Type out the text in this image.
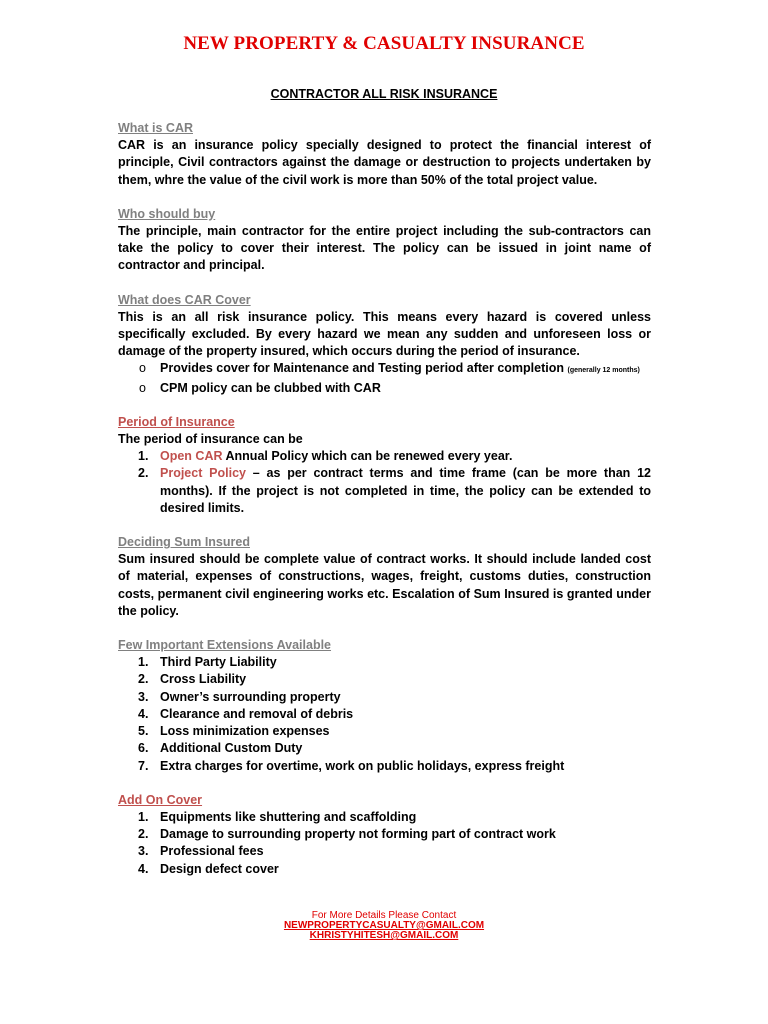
NEW PROPERTY & CASUALTY INSURANCE
CONTRACTOR ALL RISK INSURANCE

What is CAR

CAR is an insurance policy specially designed to protect the financial interest of principle, Civil contractors against the damage or destruction to projects undertaken by them, whre the value of the civil work is more than 50% of the total project value.

Who should buy

The principle, main contractor for the entire project including the sub-contractors can take the policy to cover their interest. The policy can be issued in joint name of contractor and principal.

What does CAR Cover

This is an all risk insurance policy. This means every hazard is covered unless specifically excluded. By every hazard we mean any sudden and unforeseen loss or damage of the property insured, which occurs during the period of insurance.

o Provides cover for Maintenance and Testing period after completion (generally 12 months)
o CPM policy can be clubbed with CAR

Period of Insurance

The period of insurance can be

1. Open CAR Annual Policy which can be renewed every year.
2. Project Policy – as per contract terms and time frame (can be more than 12 months). If the project is not completed in time, the policy can be extended to desired limits.

Deciding Sum Insured

Sum insured should be complete value of contract works. It should include landed cost of material, expenses of constructions, wages, freight, customs duties, construction costs, permanent civil engineering works etc. Escalation of Sum Insured is granted under the policy.

Few Important Extensions Available

1. Third Party Liability
2. Cross Liability
3. Owner’s surrounding property
4. Clearance and removal of debris
5. Loss minimization expenses
6. Additional Custom Duty
7. Extra charges for overtime, work on public holidays, express freight

Add On Cover

1. Equipments like shuttering and scaffolding
2. Damage to surrounding property not forming part of contract work
3. Professional fees
4. Design defect cover
For More Details Please Contact
NEWPROPERTYCASUALTY@GMAIL.COM
KHRISTYHITESH@GMAIL.COM
